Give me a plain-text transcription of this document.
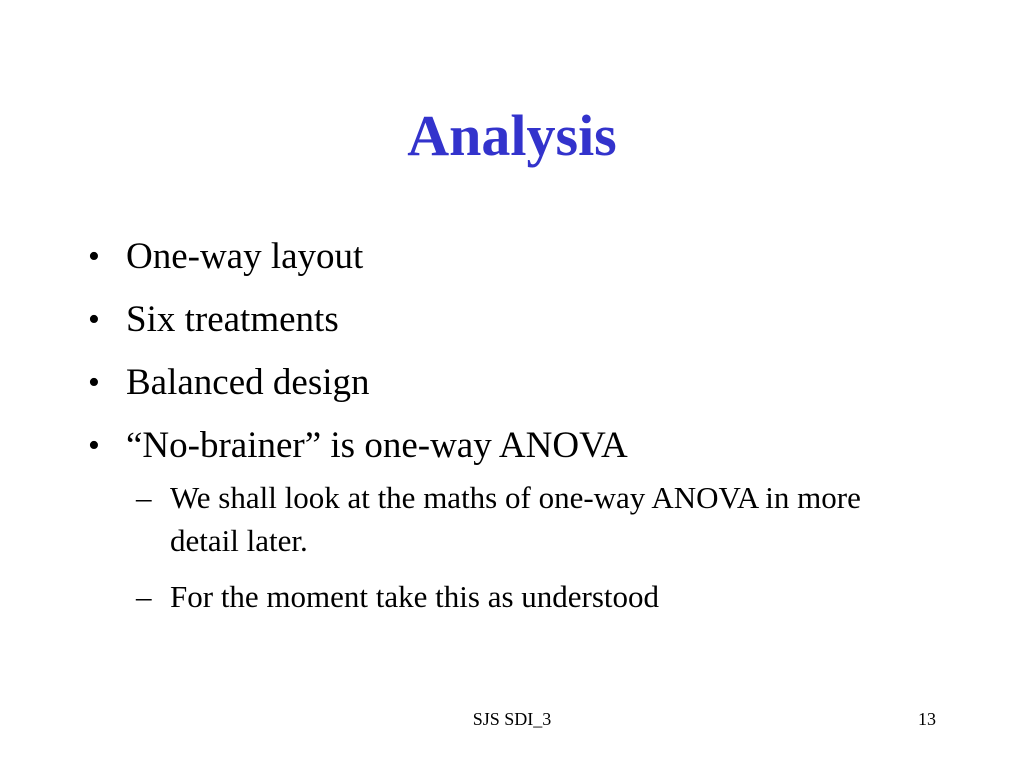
Analysis
• One-way layout
• Six treatments
• Balanced design
• “No-brainer” is one-way ANOVA
– We shall look at the maths of one-way ANOVA in more detail later.
– For the moment take this as understood
SJS SDI_3	13
